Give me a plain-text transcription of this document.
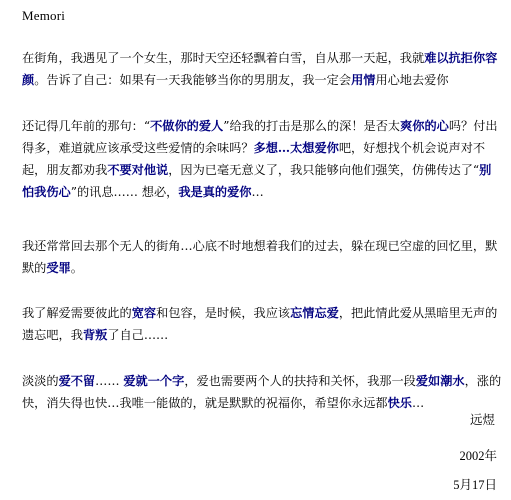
Memori
在街角，我遇见了一个女生，那时天空还轻飘着白雪，自从那一天起，我就难以抗拒你容颜。告诉了自己：如果有一天我能够当你的男朋友，我一定会用情用心地去爱你
还记得几年前的那句：“不做你的爱人”给我的打击是那么的深！是否太爽你的心吗？付出得多，难道就应该承受这些爱情的余味吗？多想…太想爱你吧，好想找个机会说声对不起，朋友都劝我不要对他说，因为已毫无意义了，我只能够向他们强笑，仿佛传达了“别怕我伤心”的讯息…… 想必，我是真的爱你…
我还常常回去那个无人的街角…心底不时地想着我们的过去，躲在现已空虚的回忆里，默默的受罪。
我了解爱需要彼此的宽容和包容，是时候，我应该忘情忘爱，把此情此爱从黑暗里无声的遗忘吧，我背叛了自己……
淡淡的爱不留…… 爱就一个字，爱也需要两个人的扶持和关怀，我那一段爱如潮水，涨的快，消失得也快…我唯一能做的，就是默默的祝福你，希望你永远都快乐…
远煜
2002年
5月17日
